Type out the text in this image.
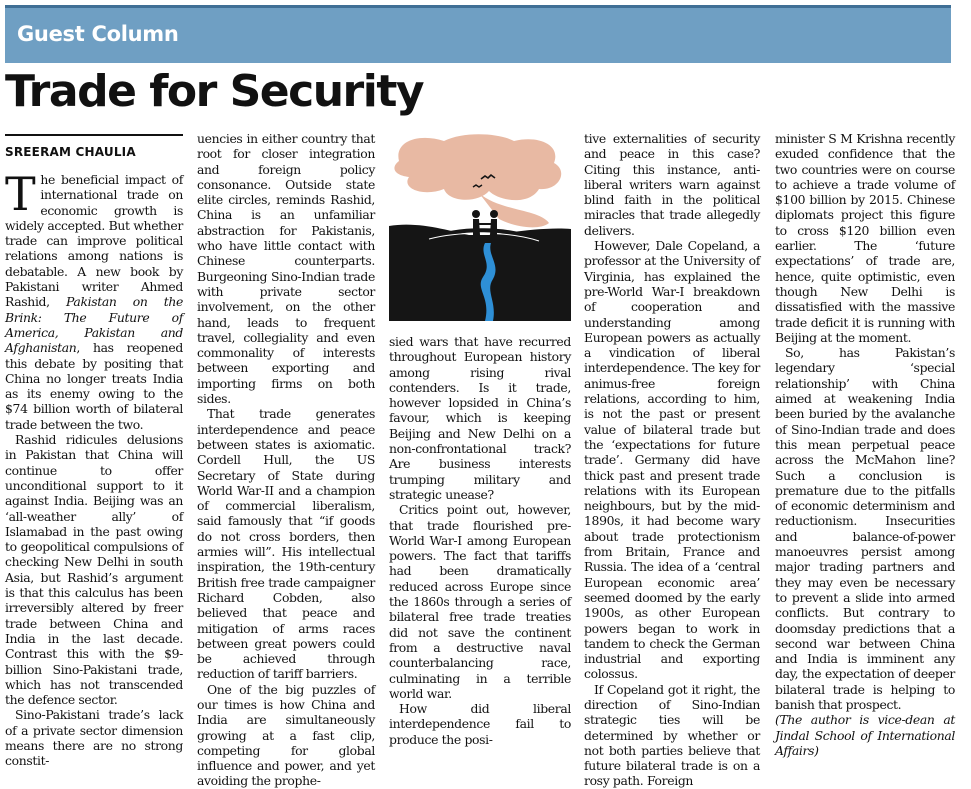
Guest Column
Trade for Security
SREERAM CHAULIA

The beneficial impact of international trade on economic growth is widely accepted. But whether trade can improve political relations among nations is debatable. A new book by Pakistani writer Ahmed Rashid, Pakistan on the Brink: The Future of America, Pakistan and Afghanistan, has reopened this debate by positing that China no longer treats India as its enemy owing to the $74 billion worth of bilateral trade between the two.

Rashid ridicules delusions in Pakistan that China will continue to offer unconditional support to it against India. Beijing was an ‘all-weather ally’ of Islamabad in the past owing to geopolitical compulsions of checking New Delhi in south Asia, but Rashid’s argument is that this calculus has been irreversibly altered by freer trade between China and India in the last decade. Contrast this with the $9-billion Sino-Pakistani trade, which has not transcended the defence sector.

Sino-Pakistani trade’s lack of a private sector dimension means there are no strong constit-

uencies in either country that root for closer integration and foreign policy consonance. Outside state elite circles, reminds Rashid, China is an unfamiliar abstraction for Pakistanis, who have little contact with Chinese counterparts. Burgeoning Sino-Indian trade with private sector involvement, on the other hand, leads to frequent travel, collegiality and even commonality of interests between exporting and importing firms on both sides.

That trade generates interdependence and peace between states is axiomatic. Cordell Hull, the US Secretary of State during World War-II and a champion of commercial liberalism, said famously that “if goods do not cross borders, then armies will”. His intellectual inspiration, the 19th-century British free trade campaigner Richard Cobden, also believed that peace and mitigation of arms races between great powers could be achieved through reduction of tariff barriers.

One of the big puzzles of our times is how China and India are simultaneously growing at a fast clip, competing for global influence and power, and yet avoiding the prophe-

sied wars that have recurred throughout European history among rising rival contenders. Is it trade, however lopsided in China’s favour, which is keeping Beijing and New Delhi on a non-confrontational track? Are business interests trumping military and strategic unease?

Critics point out, however, that trade flourished pre-World War-I among European powers. The fact that tariffs had been dramatically reduced across Europe since the 1860s through a series of bilateral free trade treaties did not save the continent from a destructive naval counterbalancing race, culminating in a terrible world war.

How did liberal interdependence fail to produce the posi-

tive externalities of security and peace in this case? Citing this instance, anti-liberal writers warn against blind faith in the political miracles that trade allegedly delivers.

However, Dale Copeland, a professor at the University of Virginia, has explained the pre-World War-I breakdown of cooperation and understanding among European powers as actually a vindication of liberal interdependence. The key for animus-free foreign relations, according to him, is not the past or present value of bilateral trade but the ‘expectations for future trade’. Germany did have thick past and present trade relations with its European neighbours, but by the mid-1890s, it had become wary about trade protectionism from Britain, France and Russia. The idea of a ‘central European economic area’ seemed doomed by the early 1900s, as other European powers began to work in tandem to check the German industrial and exporting colossus.

If Copeland got it right, the direction of Sino-Indian strategic ties will be determined by whether or not both parties believe that future bilateral trade is on a rosy path. Foreign

minister S M Krishna recently exuded confidence that the two countries were on course to achieve a trade volume of $100 billion by 2015. Chinese diplomats project this figure to cross $120 billion even earlier. The ‘future expectations’ of trade are, hence, quite optimistic, even though New Delhi is dissatisfied with the massive trade deficit it is running with Beijing at the moment.

So, has Pakistan’s legendary ‘special relationship’ with China aimed at weakening India been buried by the avalanche of Sino-Indian trade and does this mean perpetual peace across the McMahon line? Such a conclusion is premature due to the pitfalls of economic determinism and reductionism. Insecurities and balance-of-power manoeuvres persist among major trading partners and they may even be necessary to prevent a slide into armed conflicts. But contrary to doomsday predictions that a second war between China and India is imminent any day, the expectation of deeper bilateral trade is helping to banish that prospect.

(The author is vice-dean at Jindal School of International Affairs)
